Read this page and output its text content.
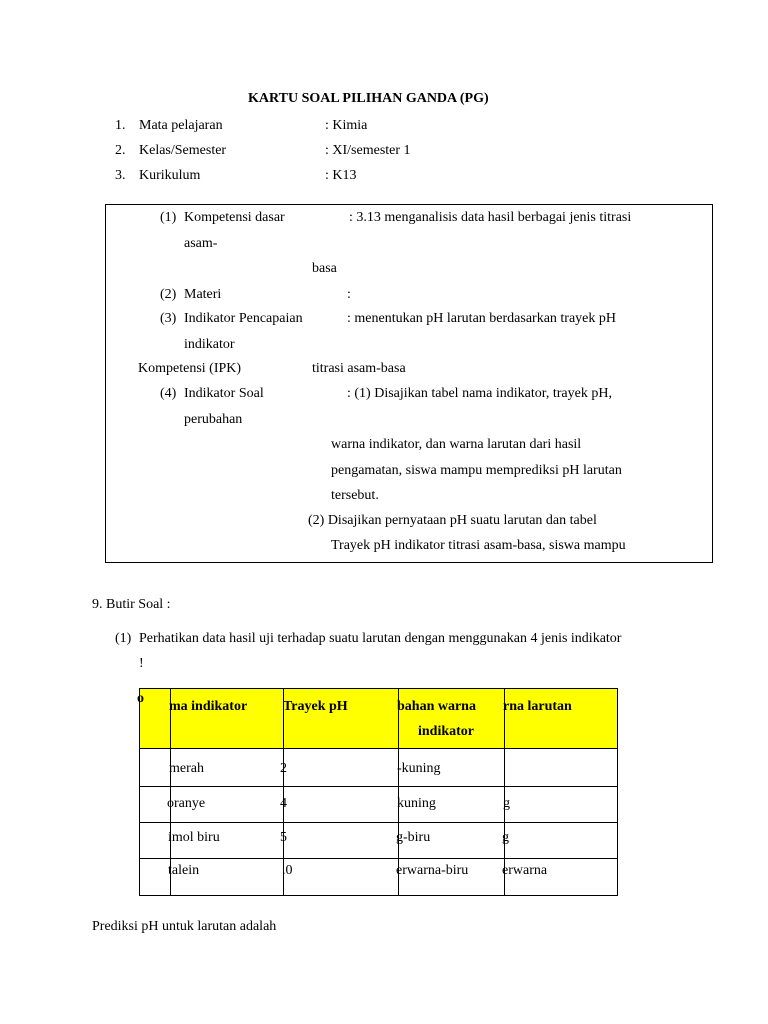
KARTU SOAL PILIHAN GANDA (PG)
1. Mata pelajaran	: Kimia
2. Kelas/Semester	: XI/semester 1
3. Kurikulum	: K13
(1) Kompetensi dasar	: 3.13 menganalisis data hasil berbagai jenis titrasi
asam-
basa
(2) Materi	:
(3) Indikator Pencapaian	: menentukan pH larutan berdasarkan trayek pH
indikator
Kompetensi (IPK)	titrasi asam-basa
(4) Indikator Soal	: (1) Disajikan tabel nama indikator, trayek pH,
perubahan
warna indikator, dan warna larutan dari hasil
pengamatan, siswa mampu memprediksi pH larutan
tersebut.
(2) Disajikan pernyataan pH suatu larutan dan tabel
Trayek pH indikator titrasi asam-basa, siswa mampu
9. Butir Soal :
(1) Perhatikan data hasil uji terhadap suatu larutan dengan menggunakan 4 jenis indikator
!
o	ma indikator	Trayek pH	bahan warna
indikator	rna larutan

	merah	2	-kuning	

	oranye	4	kuning	g

	imol biru	5	g-biru	g

	talein	.0	erwarna-biru	erwarna
Prediksi pH untuk larutan adalah
